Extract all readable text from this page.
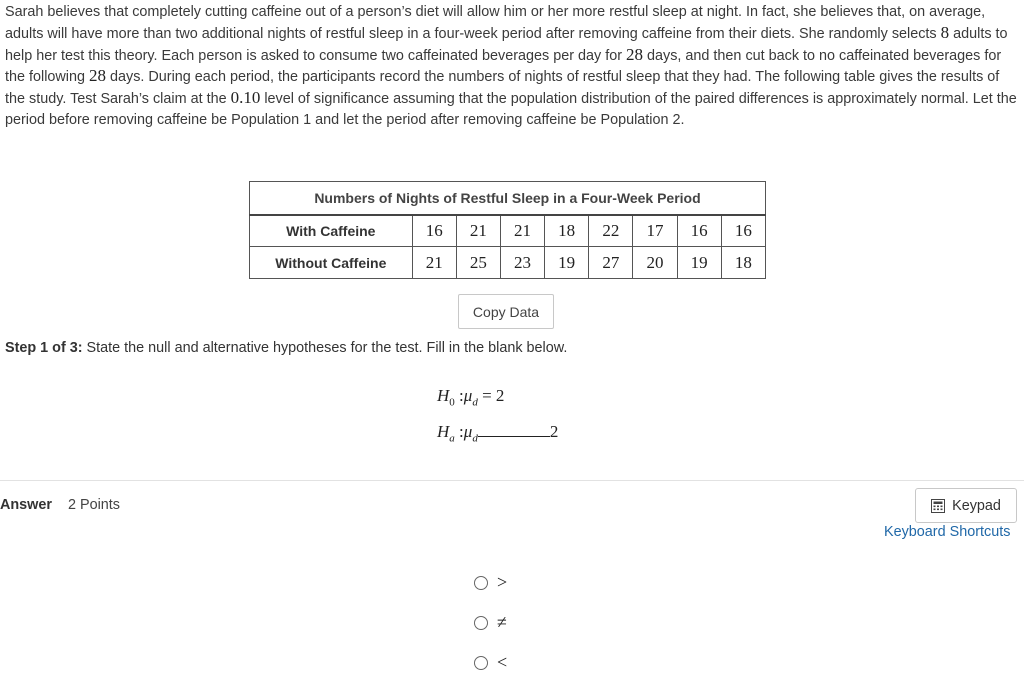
Sarah believes that completely cutting caffeine out of a person’s diet will allow him or her more restful sleep at night. In fact, she believes that, on average, adults will have more than two additional nights of restful sleep in a four-week period after removing caffeine from their diets. She randomly selects 8 adults to help her test this theory. Each person is asked to consume two caffeinated beverages per day for 28 days, and then cut back to no caffeinated beverages for the following 28 days. During each period, the participants record the numbers of nights of restful sleep that they had. The following table gives the results of the study. Test Sarah’s claim at the 0.10 level of significance assuming that the population distribution of the paired differences is approximately normal. Let the period before removing caffeine be Population 1 and let the period after removing caffeine be Population 2.
Numbers of Nights of Restful Sleep in a Four-Week Period								
With Caffeine	16	21	21	18	22	17	16	16
Without Caffeine	21	25	23	19	27	20	19	18
Copy Data
Step 1 of 3: State the null and alternative hypotheses for the test. Fill in the blank below.
$H_0$ $:\mu_d = 2$
$H_a$ $:\mu_d$	2
Answer 2 Points	Keypad
Keyboard Shortcuts
>
≠
<
